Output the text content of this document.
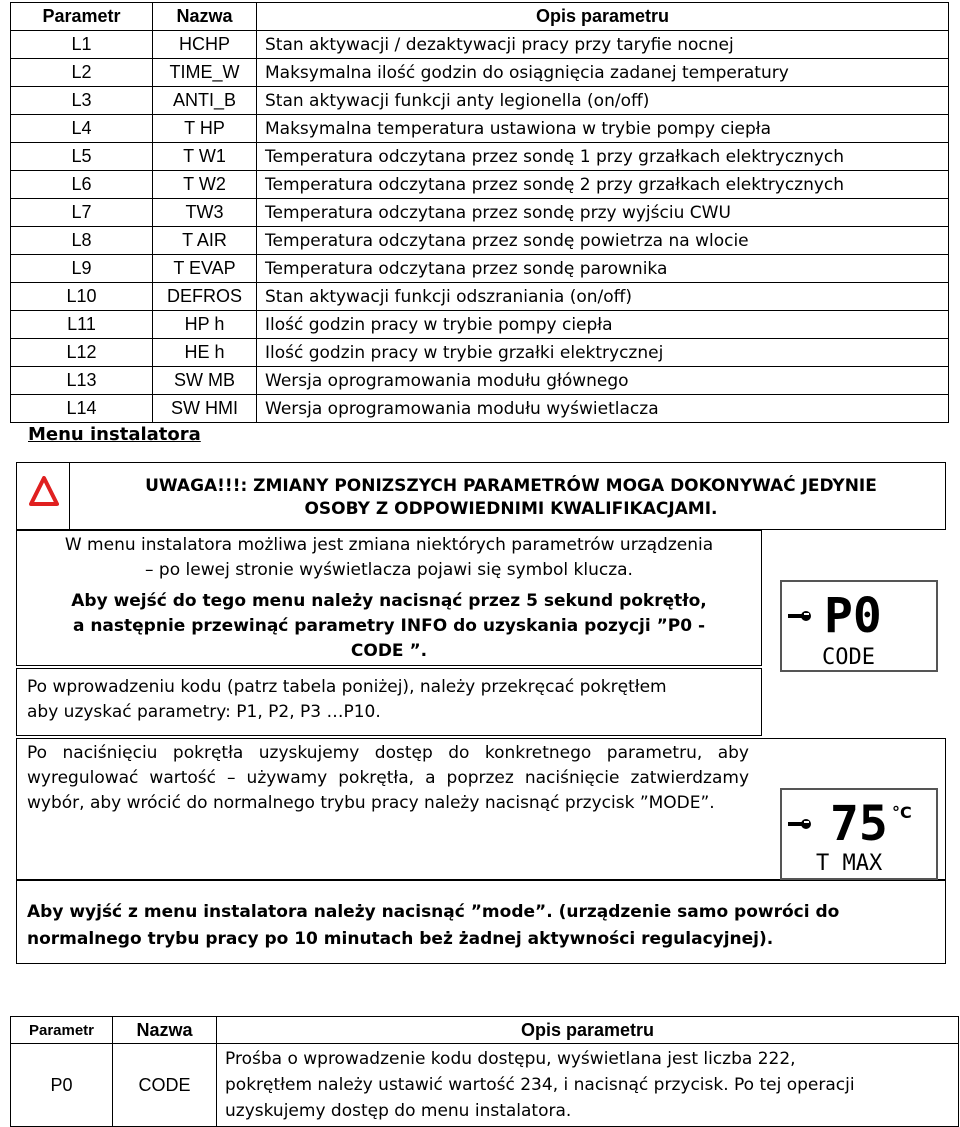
Parametr	Nazwa	Opis parametru
L1	HCHP	Stan aktywacji / dezaktywacji pracy przy taryfie nocnej
L2	TIME_W	Maksymalna ilość godzin do osiągnięcia zadanej temperatury
L3	ANTI_B	Stan aktywacji funkcji anty legionella (on/off)
L4	T HP	Maksymalna temperatura ustawiona w trybie pompy ciepła
L5	T W1	Temperatura odczytana przez sondę 1 przy grzałkach elektrycznych
L6	T W2	Temperatura odczytana przez sondę 2 przy grzałkach elektrycznych
L7	TW3	Temperatura odczytana przez sondę przy wyjściu CWU
L8	T AIR	Temperatura odczytana przez sondę powietrza na wlocie
L9	T EVAP	Temperatura odczytana przez sondę parownika
L10	DEFROS	Stan aktywacji funkcji odszraniania (on/off)
L11	HP h	Ilość godzin pracy w trybie pompy ciepła
L12	HE h	Ilość godzin pracy w trybie grzałki elektrycznej
L13	SW MB	Wersja oprogramowania modułu głównego
L14	SW HMI	Wersja oprogramowania modułu wyświetlacza
Menu instalatora
UWAGA!!!: ZMIANY PONIZSZYCH PARAMETRÓW MOGA DOKONYWAĆ JEDYNIE
OSOBY Z ODPOWIEDNIMI KWALIFIKACJAMI.
W menu instalatora możliwa jest zmiana niektórych parametrów urządzenia
– po lewej stronie wyświetlacza pojawi się symbol klucza.
Aby wejść do tego menu należy nacisnąć przez 5 sekund pokrętło,
a następnie przewinąć parametry INFO do uzyskania pozycji ”P0 -
CODE ”.
Po wprowadzeniu kodu (patrz tabela poniżej), należy przekręcać pokrętłem
aby uzyskać parametry: P1, P2, P3 …P10.
Po naciśnięciu pokrętła uzyskujemy dostęp do konkretnego parametru, aby wyregulować wartość – używamy pokrętła, a poprzez naciśnięcie zatwierdzamy wybór, aby wrócić do normalnego trybu pracy należy nacisnąć przycisk ”MODE”.
Aby wyjść z menu instalatora należy nacisnąć ”mode”. (urządzenie samo powróci do
normalnego trybu pracy po 10 minutach beż żadnej aktywności regulacyjnej).
P0
CODE
75 °C
T MAX
Parametr	Nazwa	Opis parametru
P0	CODE	Prośba o wprowadzenie kodu dostępu, wyświetlana jest liczba 222,
pokrętłem należy ustawić wartość 234, i nacisnąć przycisk. Po tej operacji
uzyskujemy dostęp do menu instalatora.
